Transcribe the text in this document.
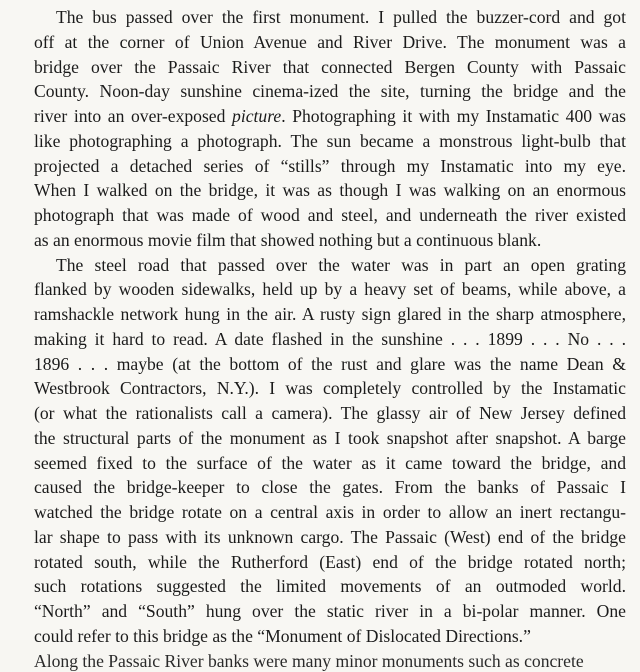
The bus passed over the first monument. I pulled the buzzer-cord and got
off at the corner of Union Avenue and River Drive. The monument was a
bridge over the Passaic River that connected Bergen County with Passaic
County. Noon-day sunshine cinema-ized the site, turning the bridge and the
river into an over-exposed picture. Photographing it with my Instamatic 400 was
like photographing a photograph. The sun became a monstrous light-bulb that
projected a detached series of “stills” through my Instamatic into my eye.
When I walked on the bridge, it was as though I was walking on an enormous
photograph that was made of wood and steel, and underneath the river existed
as an enormous movie film that showed nothing but a continuous blank.
The steel road that passed over the water was in part an open grating
flanked by wooden sidewalks, held up by a heavy set of beams, while above, a
ramshackle network hung in the air. A rusty sign glared in the sharp atmosphere,
making it hard to read. A date flashed in the sunshine . . . 1899 . . . No . . .
1896 . . . maybe (at the bottom of the rust and glare was the name Dean &
Westbrook Contractors, N.Y.). I was completely controlled by the Instamatic
(or what the rationalists call a camera). The glassy air of New Jersey defined
the structural parts of the monument as I took snapshot after snapshot. A barge
seemed fixed to the surface of the water as it came toward the bridge, and
caused the bridge-keeper to close the gates. From the banks of Passaic I
watched the bridge rotate on a central axis in order to allow an inert rectangu-
lar shape to pass with its unknown cargo. The Passaic (West) end of the bridge
rotated south, while the Rutherford (East) end of the bridge rotated north;
such rotations suggested the limited movements of an outmoded world.
“North” and “South” hung over the static river in a bi-polar manner. One
could refer to this bridge as the “Monument of Dislocated Directions.”
Along the Passaic River banks were many minor monuments such as concrete
